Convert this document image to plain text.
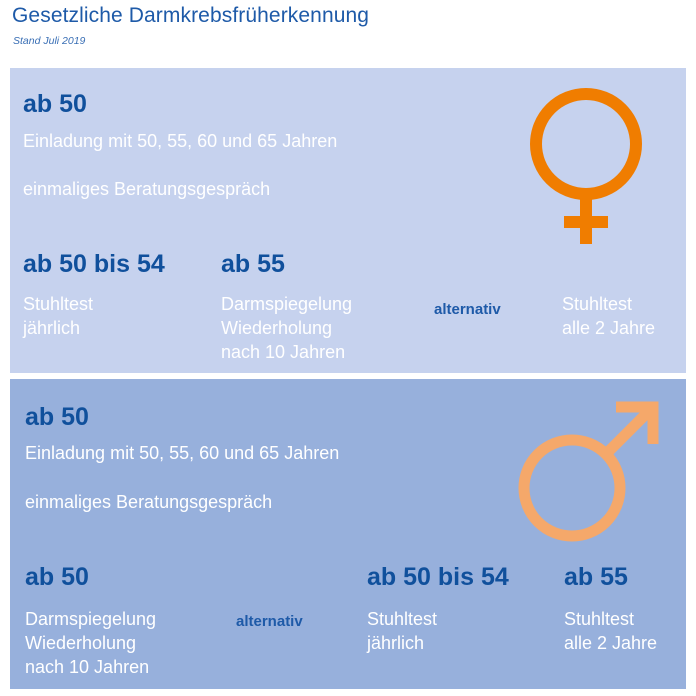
Gesetzliche Darmkrebsfrüherkennung
Stand Juli 2019
ab 50
Einladung mit 50, 55, 60 und 65 Jahren
einmaliges Beratungsgespräch
ab 50 bis 54
Stuhltest
jährlich
ab 55
Darmspiegelung
Wiederholung
nach 10 Jahren
alternativ	Stuhltest
alle 2 Jahre
ab 50
Einladung mit 50, 55, 60 und 65 Jahren
einmaliges Beratungsgespräch
ab 50
Darmspiegelung
Wiederholung
nach 10 Jahren
alternativ
ab 50 bis 54
Stuhltest
jährlich
ab 55
Stuhltest
alle 2 Jahre
